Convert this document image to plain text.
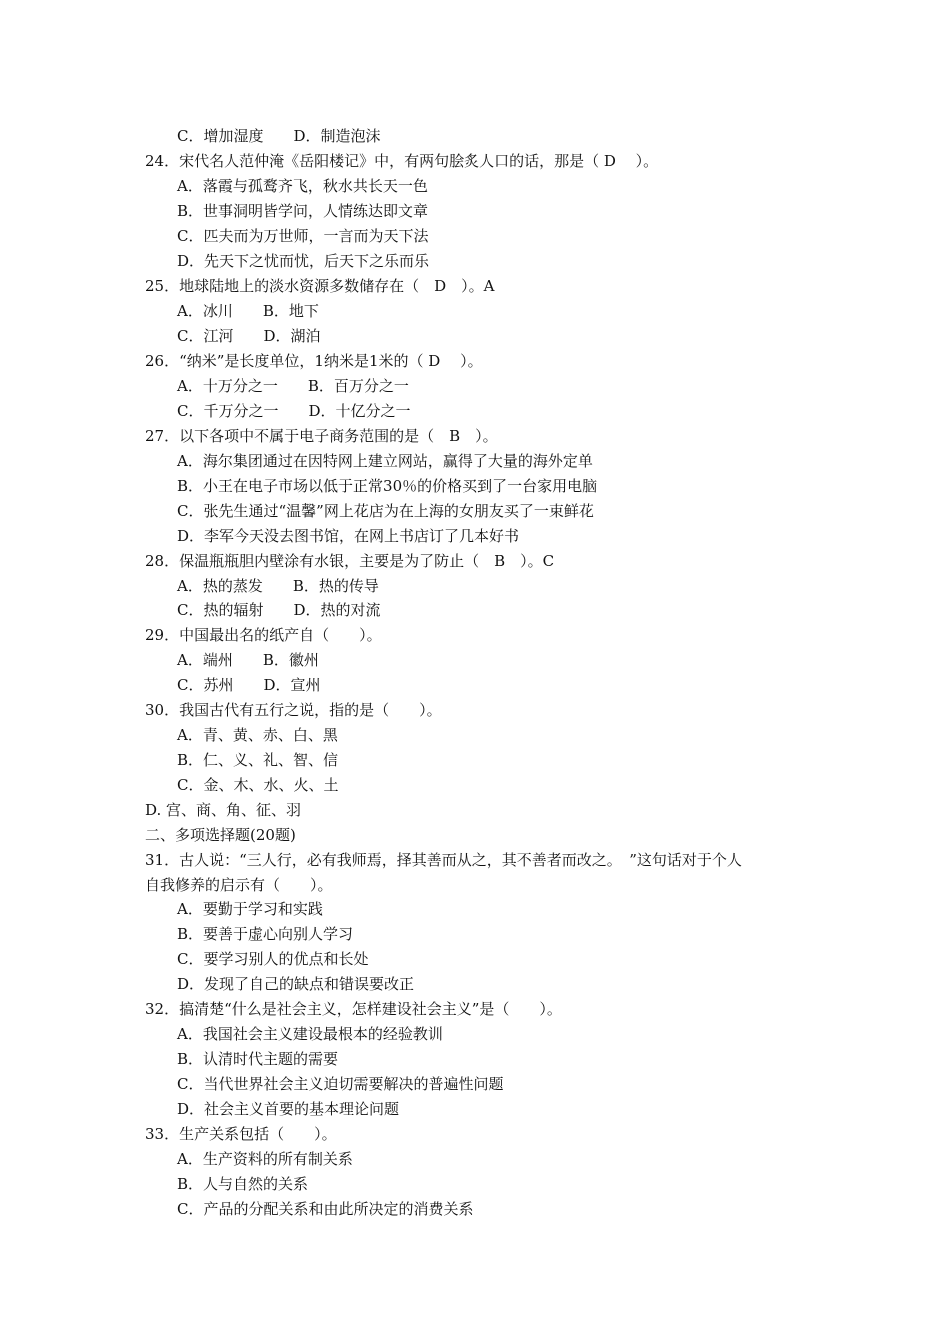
C．增加湿度　　D．制造泡沫
24．宋代名人范仲淹《岳阳楼记》中，有两句脍炙人口的话，那是（ D　 ）。
A．落霞与孤鹜齐飞，秋水共长天一色
B．世事洞明皆学问，人情练达即文章
C．匹夫而为万世师，一言而为天下法
D．先天下之忧而忧，后天下之乐而乐
25．地球陆地上的淡水资源多数储存在（　D　）。A
A．冰川　　B．地下
C．江河　　D．湖泊
26．“纳米”是长度单位，1纳米是1米的（ D　 ）。
A．十万分之一　　B．百万分之一
C．千万分之一　　D．十亿分之一
27．以下各项中不属于电子商务范围的是（　B　）。
A．海尔集团通过在因特网上建立网站，赢得了大量的海外定单
B．小王在电子市场以低于正常30％的价格买到了一台家用电脑
C．张先生通过“温馨”网上花店为在上海的女朋友买了一束鲜花
D．李军今天没去图书馆，在网上书店订了几本好书
28．保温瓶瓶胆内壁涂有水银，主要是为了防止（　B　）。C
A．热的蒸发　　B．热的传导
C．热的辐射　　D．热的对流
29．中国最出名的纸产自（　　）。
A．端州　　B．徽州
C．苏州　　D．宣州
30．我国古代有五行之说，指的是（　　）。
A．青、黄、赤、白、黑
B．仁、义、礼、智、信
C．金、木、水、火、土
D. 宫、商、角、征、羽
二、多项选择题(20题)
31．古人说：“三人行，必有我师焉，择其善而从之，其不善者而改之。　”这句话对于个人
自我修养的启示有（　　）。
A．要勤于学习和实践
B．要善于虚心向别人学习
C．要学习别人的优点和长处
D．发现了自己的缺点和错误要改正
32．搞清楚“什么是社会主义，怎样建设社会主义”是（　　）。
A．我国社会主义建设最根本的经验教训
B．认清时代主题的需要
C．当代世界社会主义迫切需要解决的普遍性问题
D．社会主义首要的基本理论问题
33．生产关系包括（　　）。
A．生产资料的所有制关系
B．人与自然的关系
C．产品的分配关系和由此所决定的消费关系
